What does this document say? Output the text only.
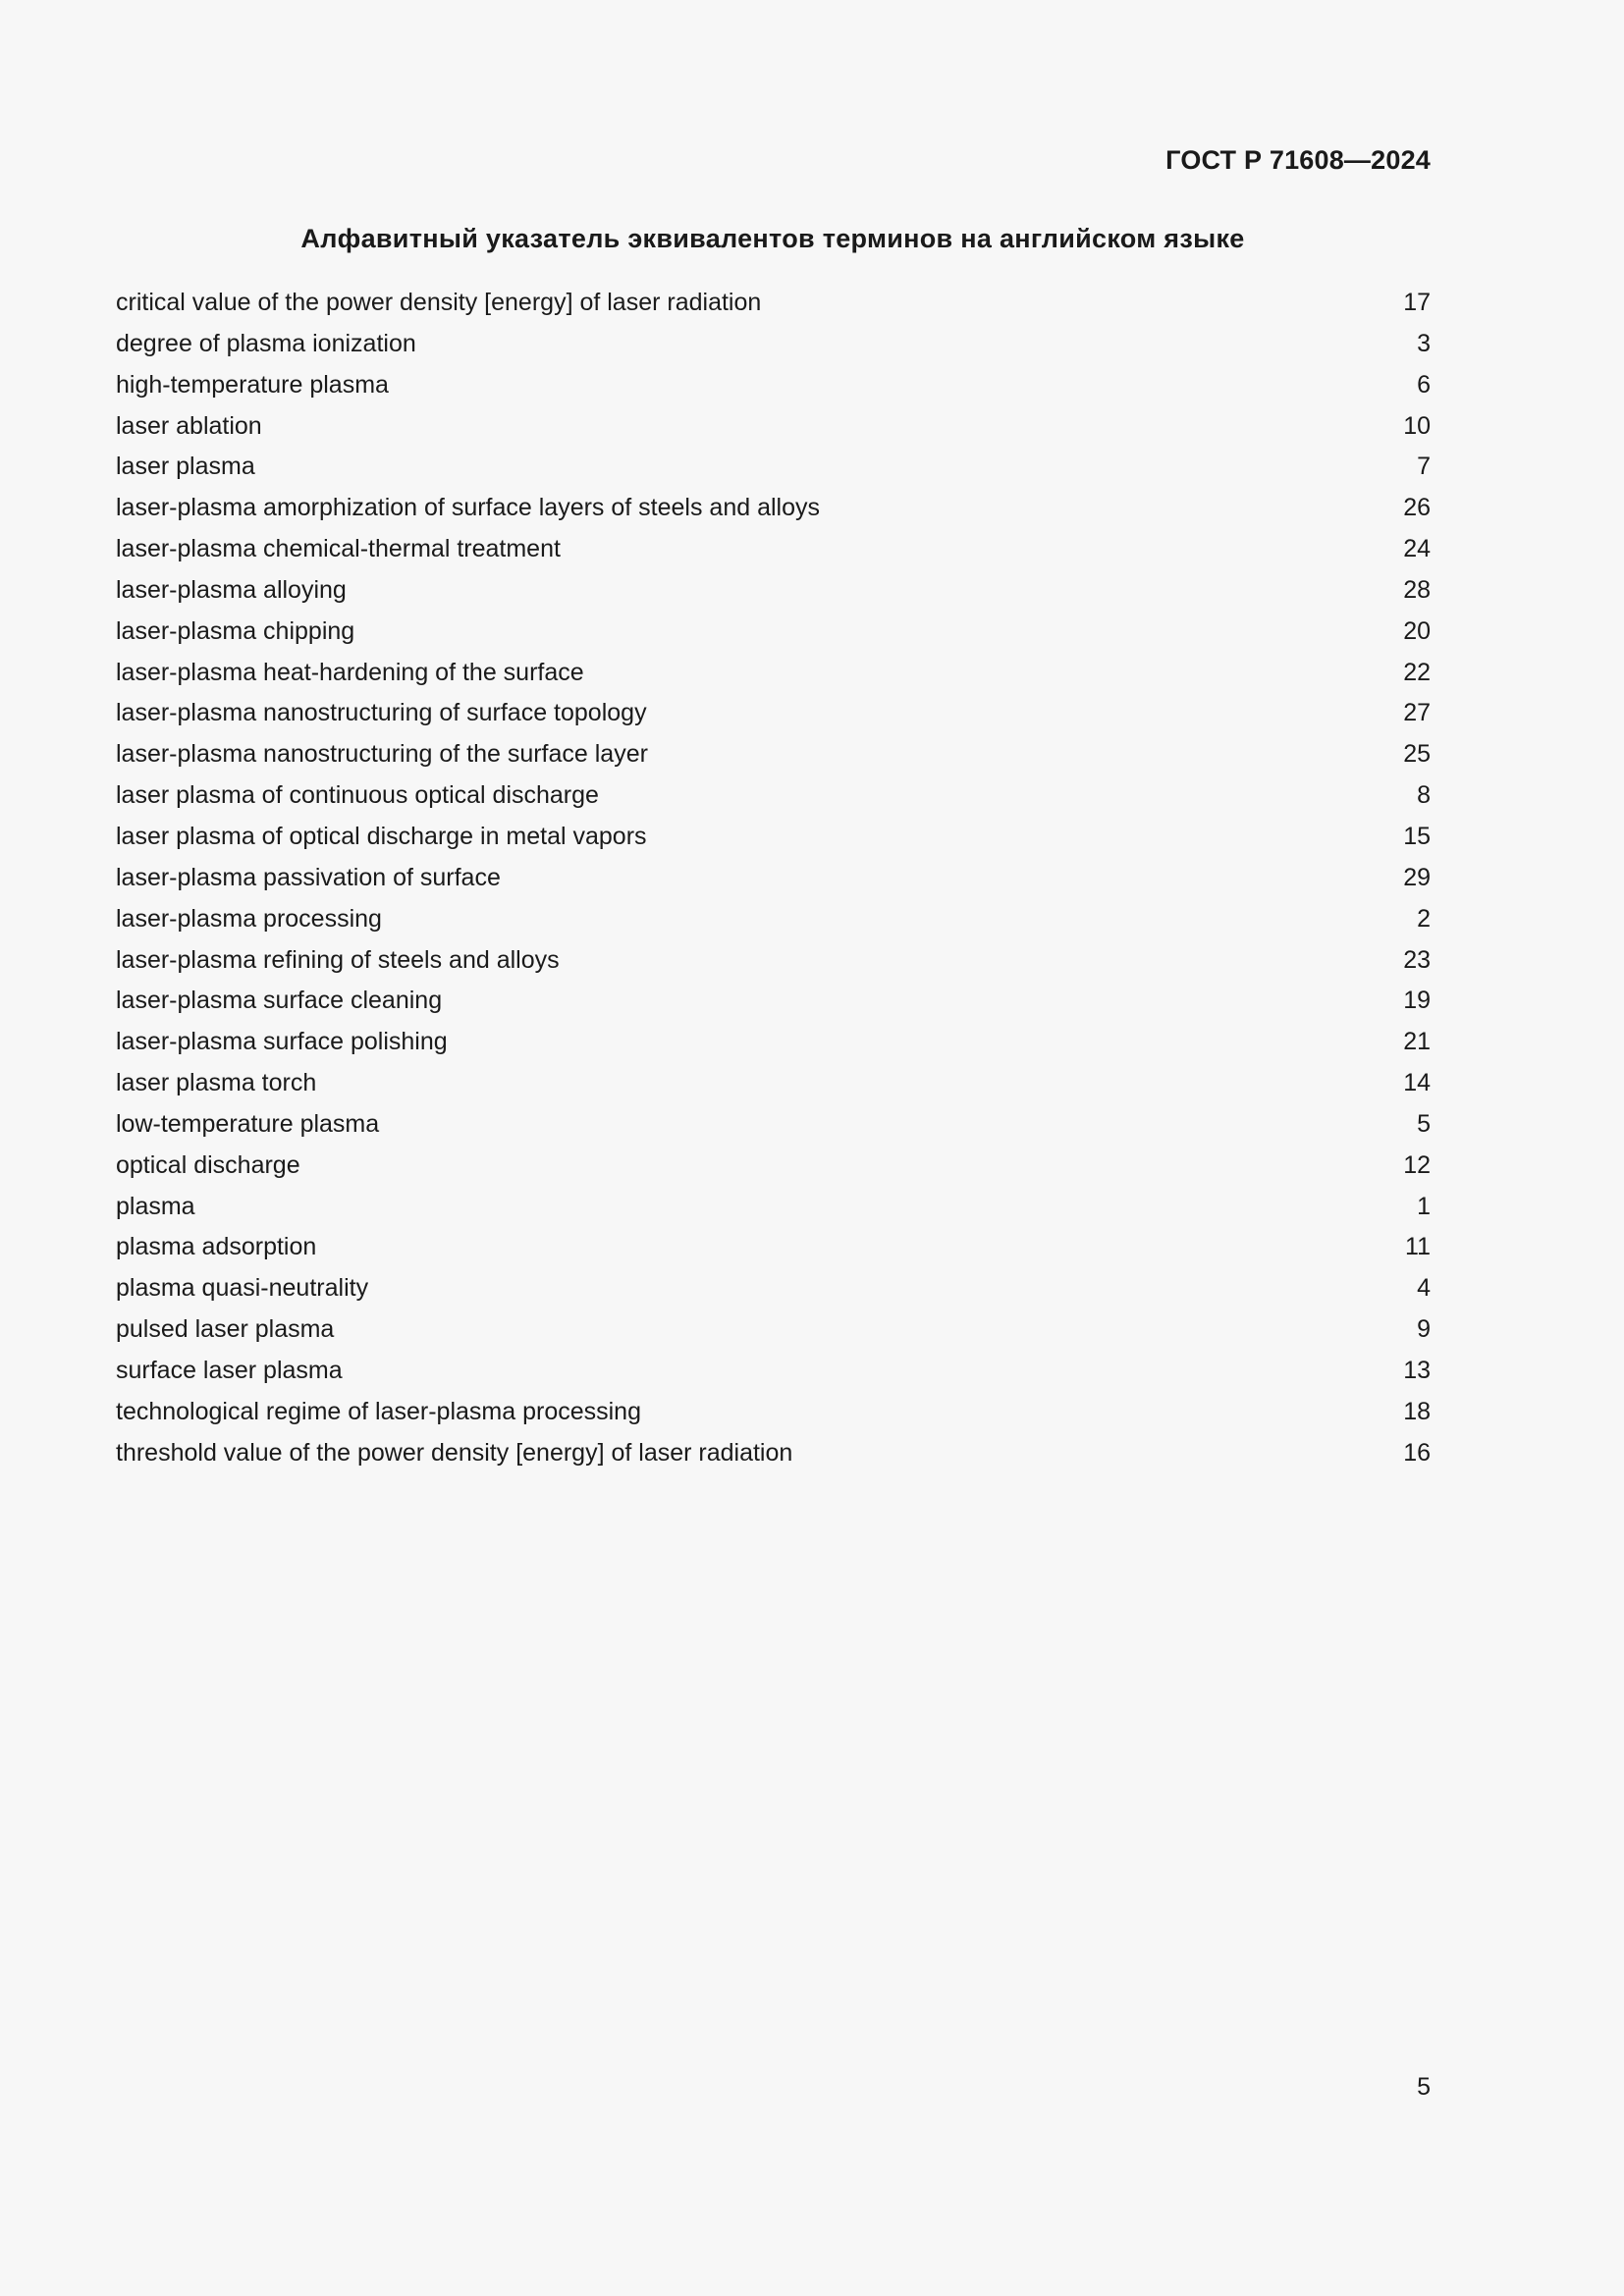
ГОСТ Р 71608—2024
Алфавитный указатель эквивалентов терминов на английском языке
critical value of the power density [energy] of laser radiation	17
degree of plasma ionization	3
high-temperature plasma	6
laser ablation	10
laser plasma	7
laser-plasma amorphization of surface layers of steels and alloys	26
laser-plasma chemical-thermal treatment	24
laser-plasma alloying	28
laser-plasma chipping	20
laser-plasma heat-hardening of the surface	22
laser-plasma nanostructuring of surface topology	27
laser-plasma nanostructuring of the surface layer	25
laser plasma of continuous optical discharge	8
laser plasma of optical discharge in metal vapors	15
laser-plasma passivation of surface	29
laser-plasma processing	2
laser-plasma refining of steels and alloys	23
laser-plasma surface cleaning	19
laser-plasma surface polishing	21
laser plasma torch	14
low-temperature plasma	5
optical discharge	12
plasma	1
plasma adsorption	11
plasma quasi-neutrality	4
pulsed laser plasma	9
surface laser plasma	13
technological regime of laser-plasma processing	18
threshold value of the power density [energy] of laser radiation	16
5
